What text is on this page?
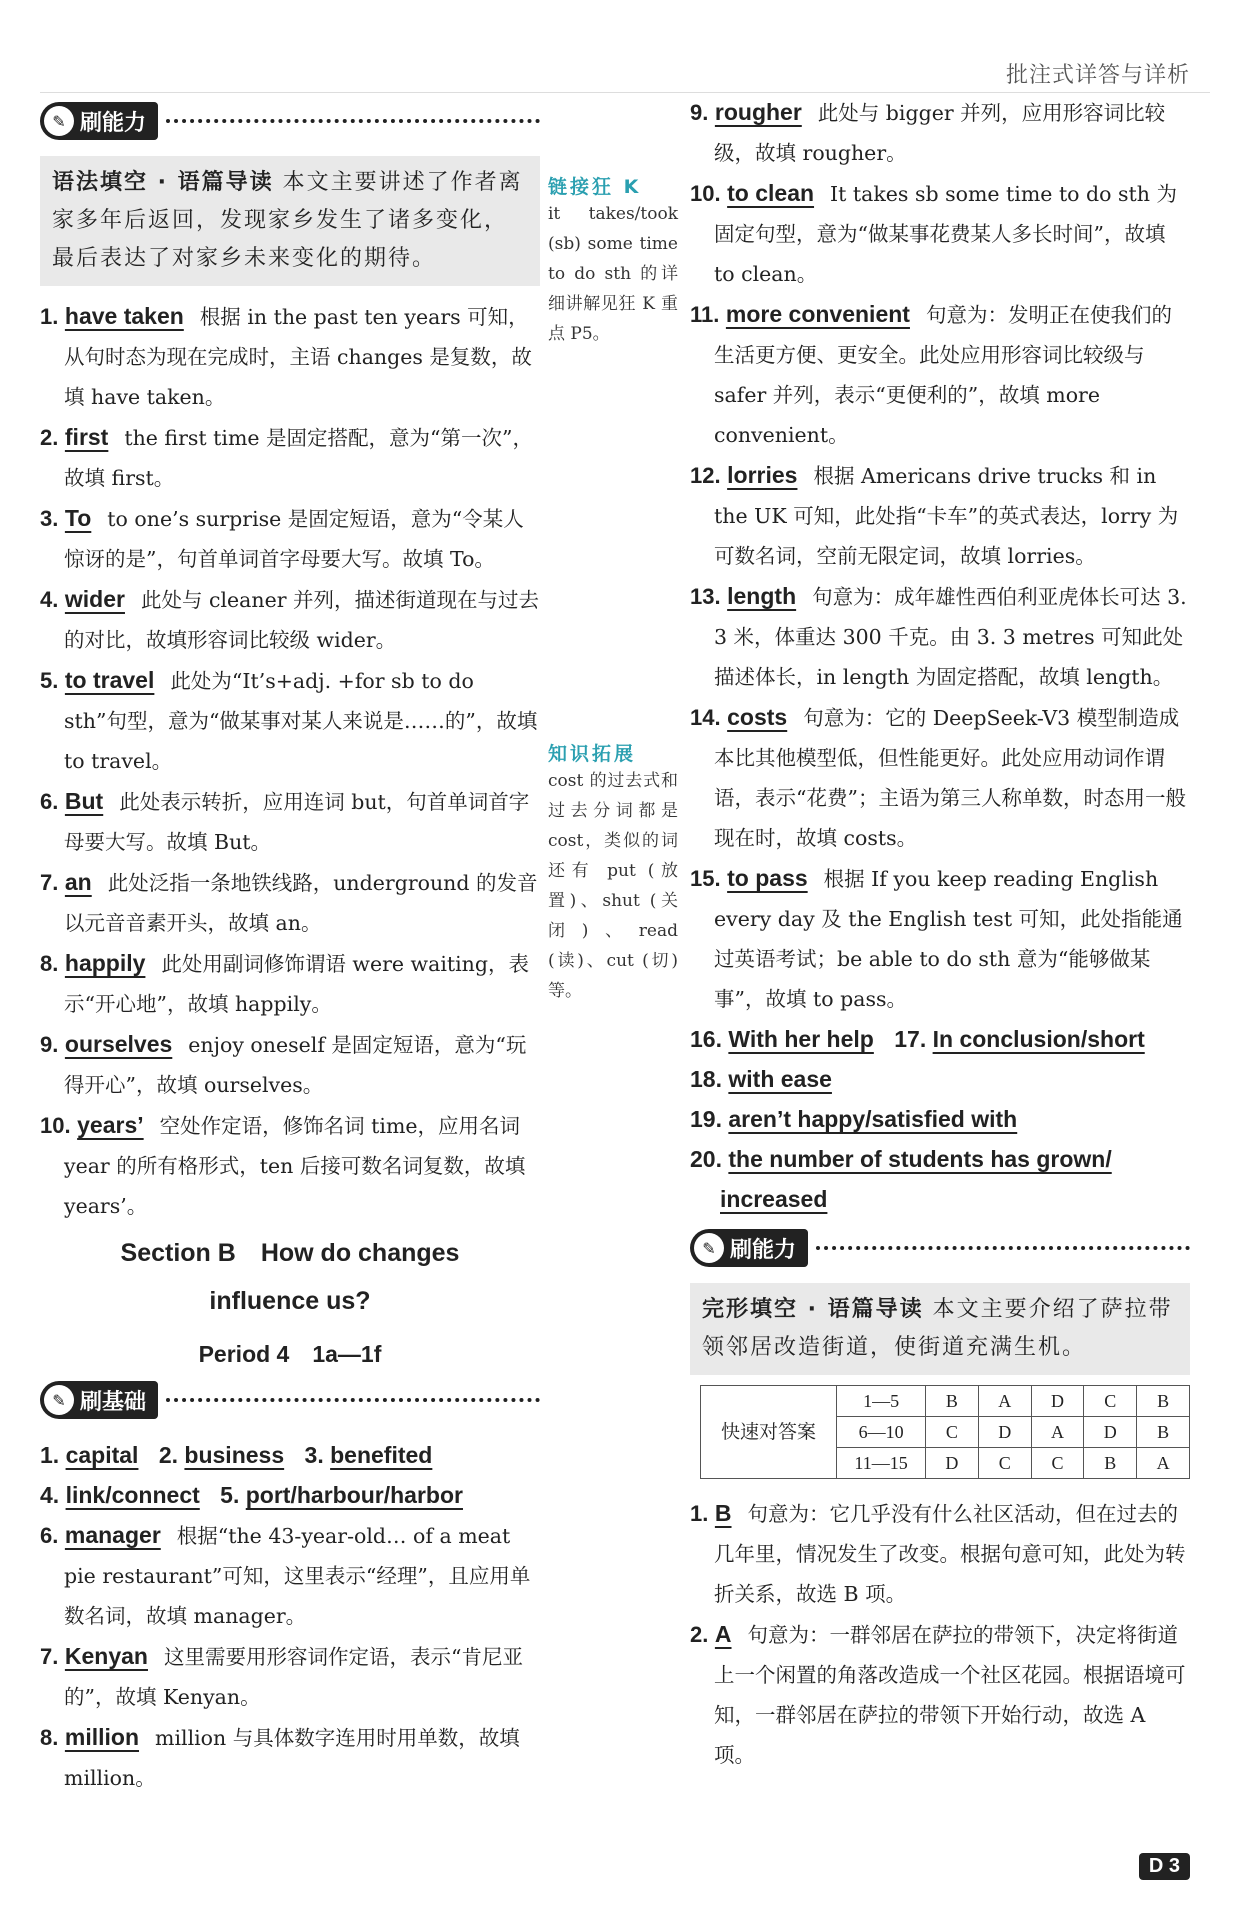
批注式详答与详析
✎ 刷能力
语法填空 · 语篇导读 本文主要讲述了作者离家多年后返回，发现家乡发生了诸多变化，最后表达了对家乡未来变化的期待。
1. have taken 根据 in the past ten years 可知，从句时态为现在完成时，主语 changes 是复数，故填 have taken。
2. first the first time 是固定搭配，意为“第一次”，故填 first。
3. To to one’s surprise 是固定短语，意为“令某人惊讶的是”，句首单词首字母要大写。故填 To。
4. wider 此处与 cleaner 并列，描述街道现在与过去的对比，故填形容词比较级 wider。
5. to travel 此处为“It’s+adj. +for sb to do sth”句型，意为“做某事对某人来说是……的”，故填 to travel。
6. But 此处表示转折，应用连词 but，句首单词首字母要大写。故填 But。
7. an 此处泛指一条地铁线路，underground 的发音以元音音素开头，故填 an。
8. happily 此处用副词修饰谓语 were waiting，表示“开心地”，故填 happily。
9. ourselves enjoy oneself 是固定短语，意为“玩得开心”，故填 ourselves。
10. years’ 空处作定语，修饰名词 time，应用名词 year 的所有格形式，ten 后接可数名词复数，故填 years’。
Section B　How do changes
influence us?
Period 4　1a—1f
✎ 刷基础
1. capital 2. business 3. benefited
4. link/connect 5. port/harbour/harbor
6. manager 根据“the 43-year-old… of a meat pie restaurant”可知，这里表示“经理”，且应用单数名词，故填 manager。
7. Kenyan 这里需要用形容词作定语，表示“肯尼亚的”，故填 Kenyan。
8. million million 与具体数字连用时用单数，故填 million。
链接狂 K
it takes/took (sb) some time to do sth 的详细讲解见狂 K 重点 P5。
知识拓展
cost 的过去式和过去分词都是 cost，类似的词还有 put (放置)、shut (关闭)、read (读)、cut (切)等。
9. rougher 此处与 bigger 并列，应用形容词比较级，故填 rougher。
10. to clean It takes sb some time to do sth 为固定句型，意为“做某事花费某人多长时间”，故填 to clean。
11. more convenient 句意为：发明正在使我们的生活更方便、更安全。此处应用形容词比较级与 safer 并列，表示“更便利的”，故填 more convenient。
12. lorries 根据 Americans drive trucks 和 in the UK 可知，此处指“卡车”的英式表达，lorry 为可数名词，空前无限定词，故填 lorries。
13. length 句意为：成年雄性西伯利亚虎体长可达 3. 3 米，体重达 300 千克。由 3. 3 metres 可知此处描述体长，in length 为固定搭配，故填 length。
14. costs 句意为：它的 DeepSeek-V3 模型制造成本比其他模型低，但性能更好。此处应用动词作谓语，表示“花费”；主语为第三人称单数，时态用一般现在时，故填 costs。
15. to pass 根据 If you keep reading English every day 及 the English test 可知，此处指能通过英语考试；be able to do sth 意为“能够做某事”，故填 to pass。
16. With her help 17. In conclusion/short
18. with ease
19. aren’t happy/satisfied with
20. the number of students has grown/
increased
✎ 刷能力
完形填空 · 语篇导读 本文主要介绍了萨拉带领邻居改造街道，使街道充满生机。
快速对答案	1—5	B	A	D	C	B
	6—10	C	D	A	D	B
	11—15	D	C	C	B	A
1. B 句意为：它几乎没有什么社区活动，但在过去的几年里，情况发生了改变。根据句意可知，此处为转折关系，故选 B 项。
2. A 句意为：一群邻居在萨拉的带领下，决定将街道上一个闲置的角落改造成一个社区花园。根据语境可知，一群邻居在萨拉的带领下开始行动，故选 A 项。
D 3
